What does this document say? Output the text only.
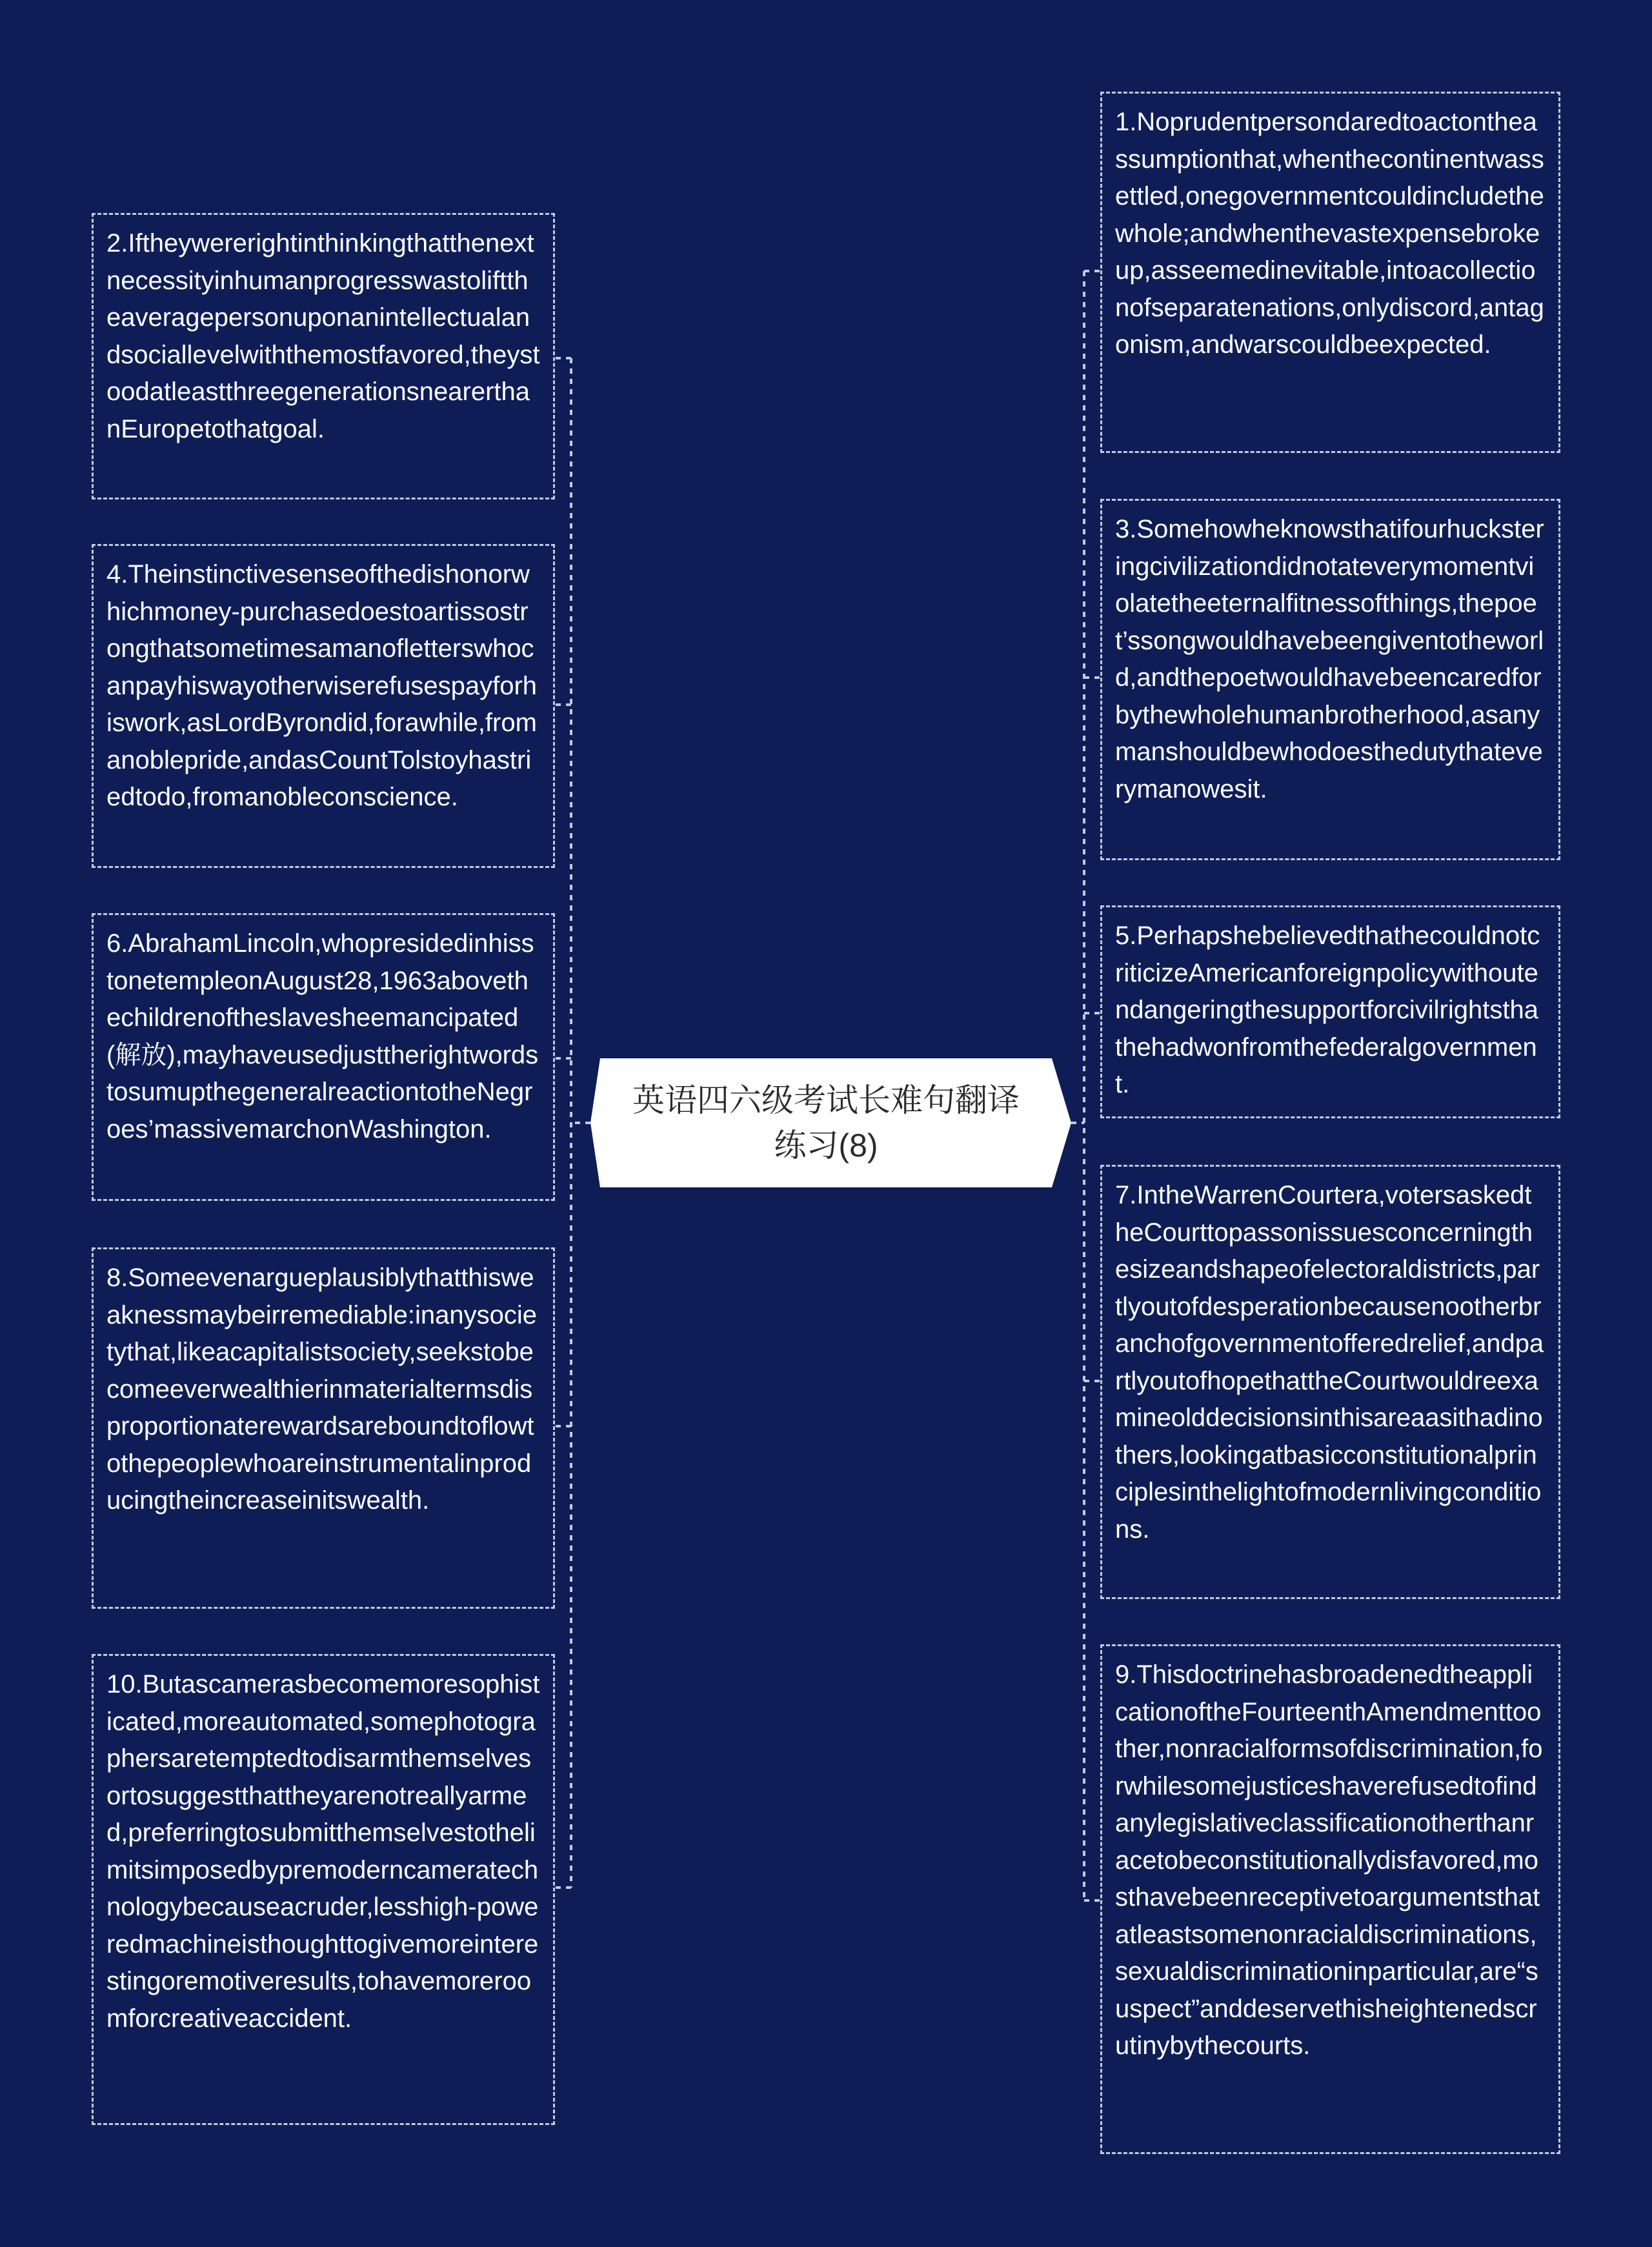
英语四六级考试长难句翻译练习(8)
2.Iftheywererightinthinkingthatthenextnecessityinhumanprogresswastolifttheaveragepersonuponanintellectualandsociallevelwiththemostfavored,theystoodatleastthreegenerationsnearerthanEuropetothatgoal.
4.Theinstinctivesenseofthedishonorwhichmoney-purchasedoestoartissostrongthatsometimesamanofletterswhocanpayhiswayotherwiserefusespayforhiswork,asLordByrondid,forawhile,fromanoblepride,andasCountTolstoyhastriedtodo,fromanobleconscience.
6.AbrahamLincoln,whopresidedinhisstonetempleonAugust28,1963abovethechildrenoftheslavesheemancipated(解放),mayhaveusedjusttherightwordstosumupthegeneralreactiontotheNegroes’massivemarchonWashington.
8.Someevenargueplausiblythatthisweaknessmaybeirremediable:inanysocietythat,likeacapitalistsociety,seekstobecomeeverwealthierinmaterialtermsdisproportionaterewardsareboundtoflowtothepeoplewhoareinstrumentalinproducingtheincreaseinitswealth.
10.Butascamerasbecomemoresophisticated,moreautomated,somephotographersaretemptedtodisarmthemselvesortosuggestthattheyarenotreallyarmed,preferringtosubmitthemselvestothelimitsimposedbypremoderncameratechnologybecauseacruder,lesshigh-poweredmachineisthoughttogivemoreinterestingoremotiveresults,tohavemoreroomforcreativeaccident.
1.Noprudentpersondaredtoactontheassumptionthat,whenthecontinentwassettled,onegovernmentcouldincludethewhole;andwhenthevastexpensebrokeup,asseemedinevitable,intoacollectionofseparatenations,onlydiscord,antagonism,andwarscouldbeexpected.
3.Somehowheknowsthatifourhucksteringcivilizationdidnotateverymomentviolatetheeternalfitnessofthings,thepoet’ssongwouldhavebeengiventotheworld,andthepoetwouldhavebeencaredforbythewholehumanbrotherhood,asanymanshouldbewhodoesthedutythateverymanowesit.
5.PerhapshebelievedthathecouldnotcriticizeAmericanforeignpolicywithoutendangeringthesupportforcivilrightsthathehadwonfromthefederalgovernment.
7.IntheWarrenCourtera,votersaskedtheCourttopassonissuesconcerningthesizeandshapeofelectoraldistricts,partlyoutofdesperationbecausenootherbranchofgovernmentofferedrelief,andpartlyoutofhopethattheCourtwouldreexamineolddecisionsinthisareaasithadinothers,lookingatbasicconstitutionalprinciplesinthelightofmodernlivingconditions.
9.ThisdoctrinehasbroadenedtheapplicationoftheFourteenthAmendmenttoother,nonracialformsofdiscrimination,forwhilesomejusticeshaverefusedtofindanylegislativeclassificationotherthanracetobeconstitutionallydisfavored,mosthavebeenreceptivetoargumentsthatatleastsomenonracialdiscriminations,sexualdiscriminationinparticular,are“suspect”anddeservethisheightenedscrutinybythecourts.
